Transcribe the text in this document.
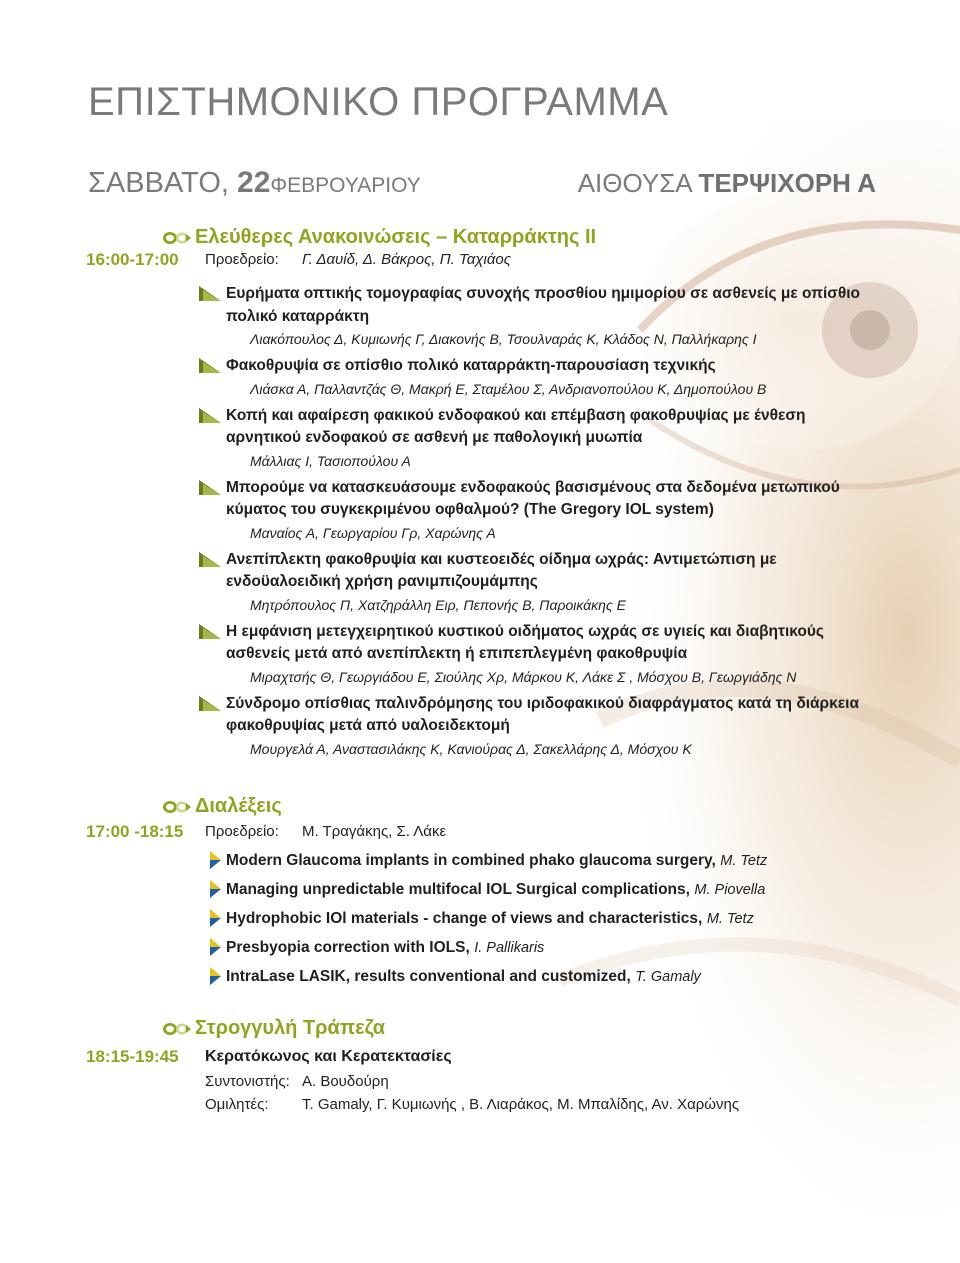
ΕΠΙΣΤΗΜΟΝΙΚΟ ΠΡΟΓΡΑΜΜΑ
ΣΑΒΒΑΤΟ, 22ΦΕΒΡΟΥΑΡΙΟΥ	ΑΙΘΟΥΣΑ ΤΕΡΨΙΧΟΡΗ Α
Ελεύθερες Ανακοινώσεις – Καταρράκτης ΙΙ
16:00-17:00 Προεδρείο: Γ. Δαυίδ, Δ. Βάκρος, Π. Ταχιάος
Ευρήματα οπτικής τομογραφίας συνοχής προσθίου ημιμορίου σε ασθενείς με οπίσθιο πολικό καταρράκτη
Λιακόπουλος Δ, Κυμιωνής Γ, Διακονής Β, Τσουλναράς Κ, Κλάδος Ν, Παλλήκαρης Ι
Φακοθρυψία σε οπίσθιο πολικό καταρράκτη-παρουσίαση τεχνικής
Λιάσκα Α, Παλλαντζάς Θ, Μακρή Ε, Σταμέλου Σ, Ανδριανοπούλου Κ, Δημοπούλου Β
Κοπή και αφαίρεση φακικού ενδοφακού και επέμβαση φακοθρυψίας με ένθεση αρνητικού ενδοφακού σε ασθενή με παθολογική μυωπία
Μάλλιας Ι, Τασιοπούλου Α
Μπορούμε να κατασκευάσουμε ενδοφακούς βασισμένους στα δεδομένα μετωπικού κύματος του συγκεκριμένου οφθαλμού? (The Gregory IOL system)
Μαναίος Α, Γεωργαρίου Γρ, Χαρώνης Α
Ανεπίπλεκτη φακοθρυψία και κυστεοειδές οίδημα ωχράς: Αντιμετώπιση με ενδοϋαλοειδική χρήση ρανιμπιζουμάμπης
Μητρόπουλος Π, Χατζηράλλη Ειρ, Πεπονής Β, Παροικάκης Ε
Η εμφάνιση μετεγχειρητικού κυστικού οιδήματος ωχράς σε υγιείς και διαβητικούς ασθενείς μετά από ανεπίπλεκτη ή επιπεπλεγμένη φακοθρυψία
Μιραχτσής Θ, Γεωργιάδου Ε, Σιούλης Χρ, Μάρκου Κ, Λάκε Σ , Μόσχου Β, Γεωργιάδης Ν
Σύνδρομο οπίσθιας παλινδρόμησης του ιριδοφακικού διαφράγματος κατά τη διάρκεια φακοθρυψίας μετά από υαλοειδεκτομή
Μουργελά Α, Αναστασιλάκης Κ, Κανιούρας Δ, Σακελλάρης Δ, Μόσχου Κ
Διαλέξεις
17:00 -18:15 Προεδρείο: Μ. Τραγάκης, Σ. Λάκε
Modern Glaucoma implants in combined phako glaucoma surgery, M. Tetz
Managing unpredictable multifocal IOL Surgical complications, M. Piovella
Hydrophobic IOl materials - change of views and characteristics, M. Tetz
Presbyopia correction with IOLS, I. Pallikaris
IntraLase LASIK, results conventional and customized, T. Gamaly
Στρογγυλή Τράπεζα
18:15-19:45 Κερατόκωνος και Κερατεκτασίες
Συντονιστής: Α. Βουδούρη
Ομιλητές: T. Gamaly, Γ. Κυμιωνής , Β. Λιαράκος, Μ. Μπαλίδης, Αν. Χαρώνης
